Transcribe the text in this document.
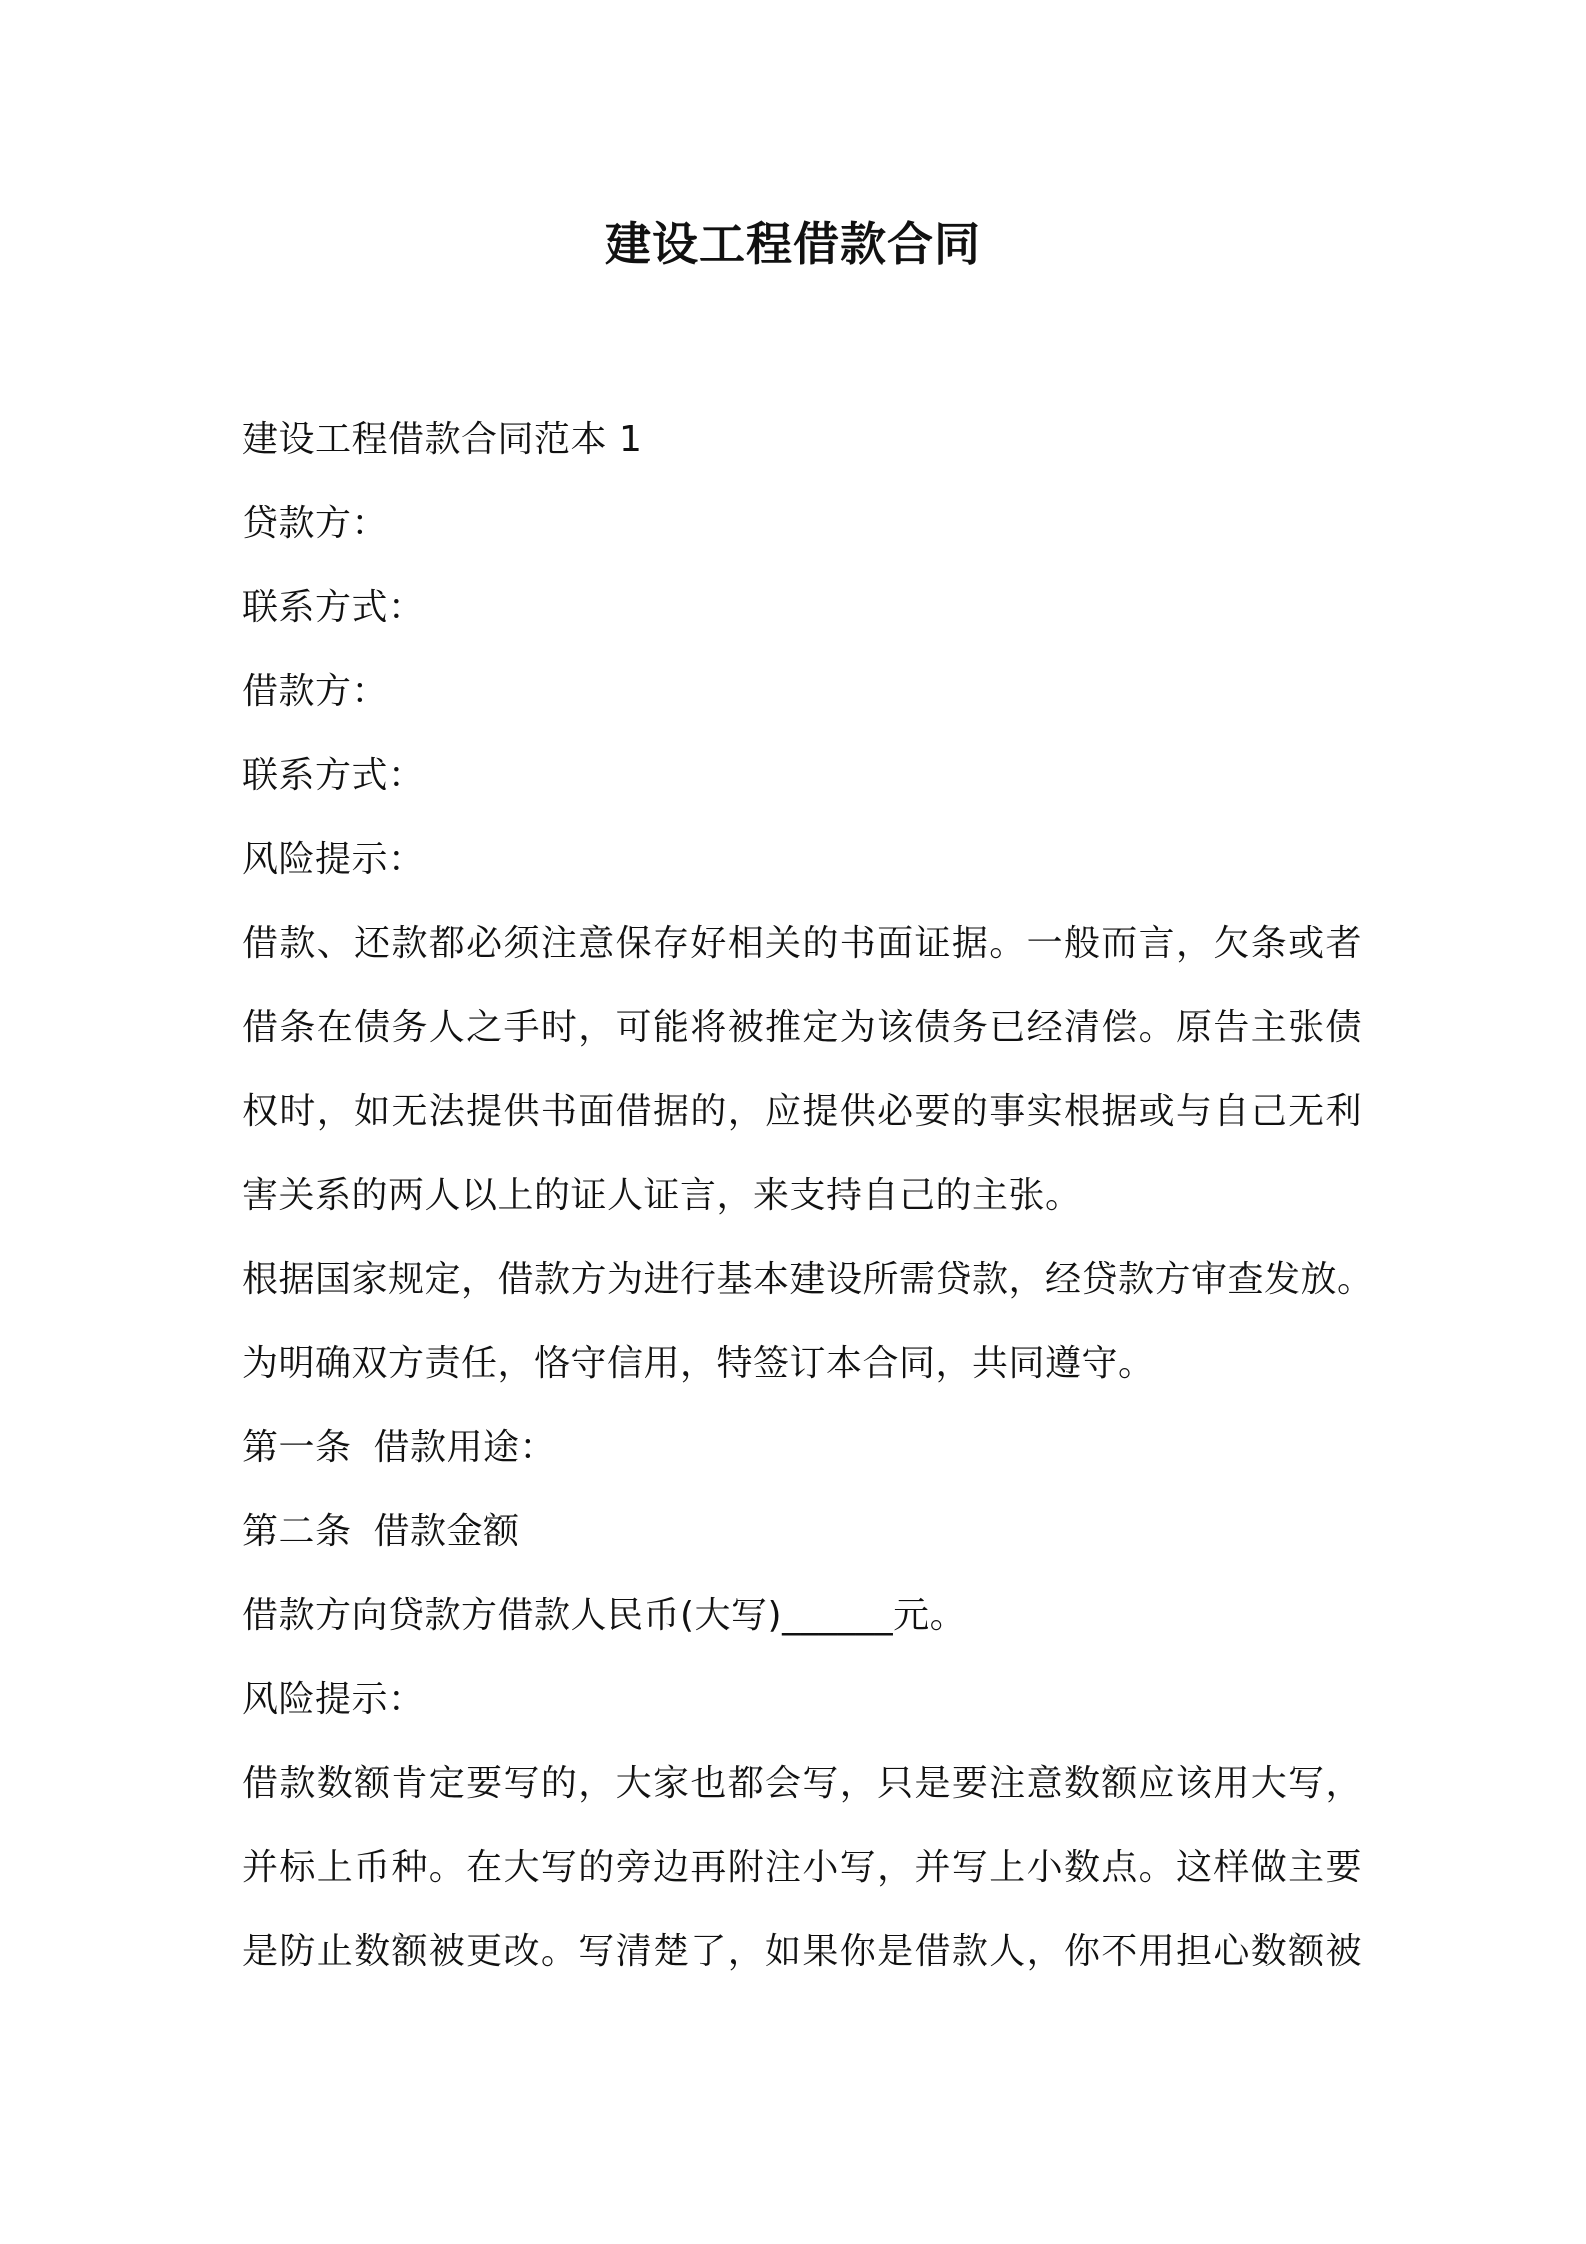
建设工程借款合同

建设工程借款合同范本 1

贷款方：

联系方式：

借款方：

联系方式：

风险提示：

借款、还款都必须注意保存好相关的书面证据。一般而言，欠条或者

借条在债务人之手时，可能将被推定为该债务已经清偿。原告主张债

权时，如无法提供书面借据的，应提供必要的事实根据或与自己无利

害关系的两人以上的证人证言，来支持自己的主张。

根据国家规定，借款方为进行基本建设所需贷款，经贷款方审查发放。

为明确双方责任，恪守信用，特签订本合同，共同遵守。

第一条 借款用途：

第二条 借款金额

借款方向贷款方借款人民币(大写)______元。

风险提示：

借款数额肯定要写的，大家也都会写，只是要注意数额应该用大写，

并标上币种。在大写的旁边再附注小写，并写上小数点。这样做主要

是防止数额被更改。写清楚了，如果你是借款人，你不用担心数额被
